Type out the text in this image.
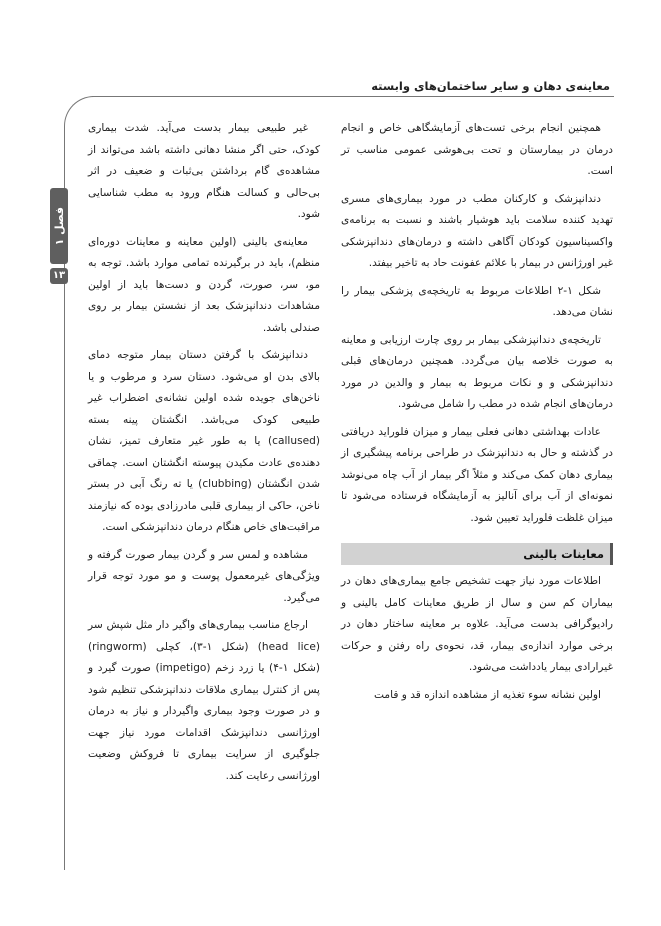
معاینه‌ی دهان و سایر ساختمان‌های وابسته
فصل ۱
۱۳

همچنین انجام برخی تست‌های آزمایشگاهی خاص و انجام درمان در بیمارستان و تحت بی‌هوشی عمومی مناسب تر است.

دندانپزشک و کارکنان مطب در مورد بیماری‌های مسری تهدید کننده سلامت باید هوشیار باشند و نسبت به برنامه‌ی واکسیناسیون کودکان آگاهی داشته و درمان‌های دندانپزشکی غیر اورژانس در بیمار با علائم عفونت حاد به تاخیر بیفتد.

شکل ۱-۲ اطلاعات مربوط به تاریخچه‌ی پزشکی بیمار را نشان می‌دهد.

تاریخچه‌ی دندانپزشکی بیمار بر روی چارت ارزیابی و معاینه به صورت خلاصه بیان می‌گردد. همچنین درمان‌های قبلی دندانپزشکی و و نکات مربوط به بیمار و والدین در مورد درمان‌های انجام شده در مطب را شامل می‌شود.

عادات بهداشتی دهانی فعلی بیمار و میزان فلوراید دریافتی در گذشته و حال به دندانپزشک در طراحی برنامه پیشگیری از بیماری دهان کمک می‌کند و مثلاً اگر بیمار از آب چاه می‌نوشد نمونه‌ای از آب برای آنالیز به آزمایشگاه فرستاده می‌شود تا میزان غلظت فلوراید تعیین شود.

معاینات بالینی

اطلاعات مورد نیاز جهت تشخیص جامع بیماری‌های دهان در بیماران کم سن و سال از طریق معاینات کامل بالینی و رادیوگرافی بدست می‌آید. علاوه بر معاینه ساختار دهان در برخی موارد اندازه‌ی بیمار، قد، نحوه‌ی راه رفتن و حرکات غیرارادی بیمار یادداشت می‌شود.

اولین نشانه سوء تغذیه از مشاهده اندازه قد و قامت

غیر طبیعی بیمار بدست می‌آید. شدت بیماری کودک، حتی اگر منشا دهانی داشته باشد می‌تواند از مشاهده‌ی گام برداشتن بی‌ثبات و ضعیف در اثر بی‌حالی و کسالت هنگام ورود به مطب شناسایی شود.

معاینه‌ی بالینی (اولین معاینه و معاینات دوره‌ای منظم)، باید در برگیرنده تمامی موارد باشد. توجه به مو، سر، صورت، گردن و دست‌ها باید از اولین مشاهدات دندانپزشک بعد از نشستن بیمار بر روی صندلی باشد.

دندانپزشک با گرفتن دستان بیمار متوجه دمای بالای بدن او می‌شود. دستان سرد و مرطوب و یا ناخن‌های جویده شده اولین نشانه‌ی اضطراب غیر طبیعی کودک می‌باشد. انگشتان پینه بسته (callused) یا به طور غیر متعارف تمیز، نشان دهنده‌ی عادت مکیدن پیوسته انگشتان است. چماقی شدن انگشتان (clubbing) یا ته رنگ آبی در بستر ناخن، حاکی از بیماری قلبی مادرزادی بوده که نیازمند مراقبت‌های خاص هنگام درمان دندانپزشکی است.

مشاهده و لمس سر و گردن بیمار صورت گرفته و ویژگی‌های غیرمعمول پوست و مو مورد توجه قرار می‌گیرد.

ارجاع مناسب بیماری‌های واگیر دار مثل شپش سر (head lice) (شکل ۱-۳)، کچلی (ringworm) (شکل ۱-۴) یا زرد زخم (impetigo) صورت گیرد و پس از کنترل بیماری ملاقات دندانپزشکی تنظیم شود و در صورت وجود بیماری واگیردار و نیاز به درمان اورژانسی دندانپزشک اقدامات مورد نیاز جهت جلوگیری از سرایت بیماری تا فروکش وضعیت اورژانسی رعایت کند.
